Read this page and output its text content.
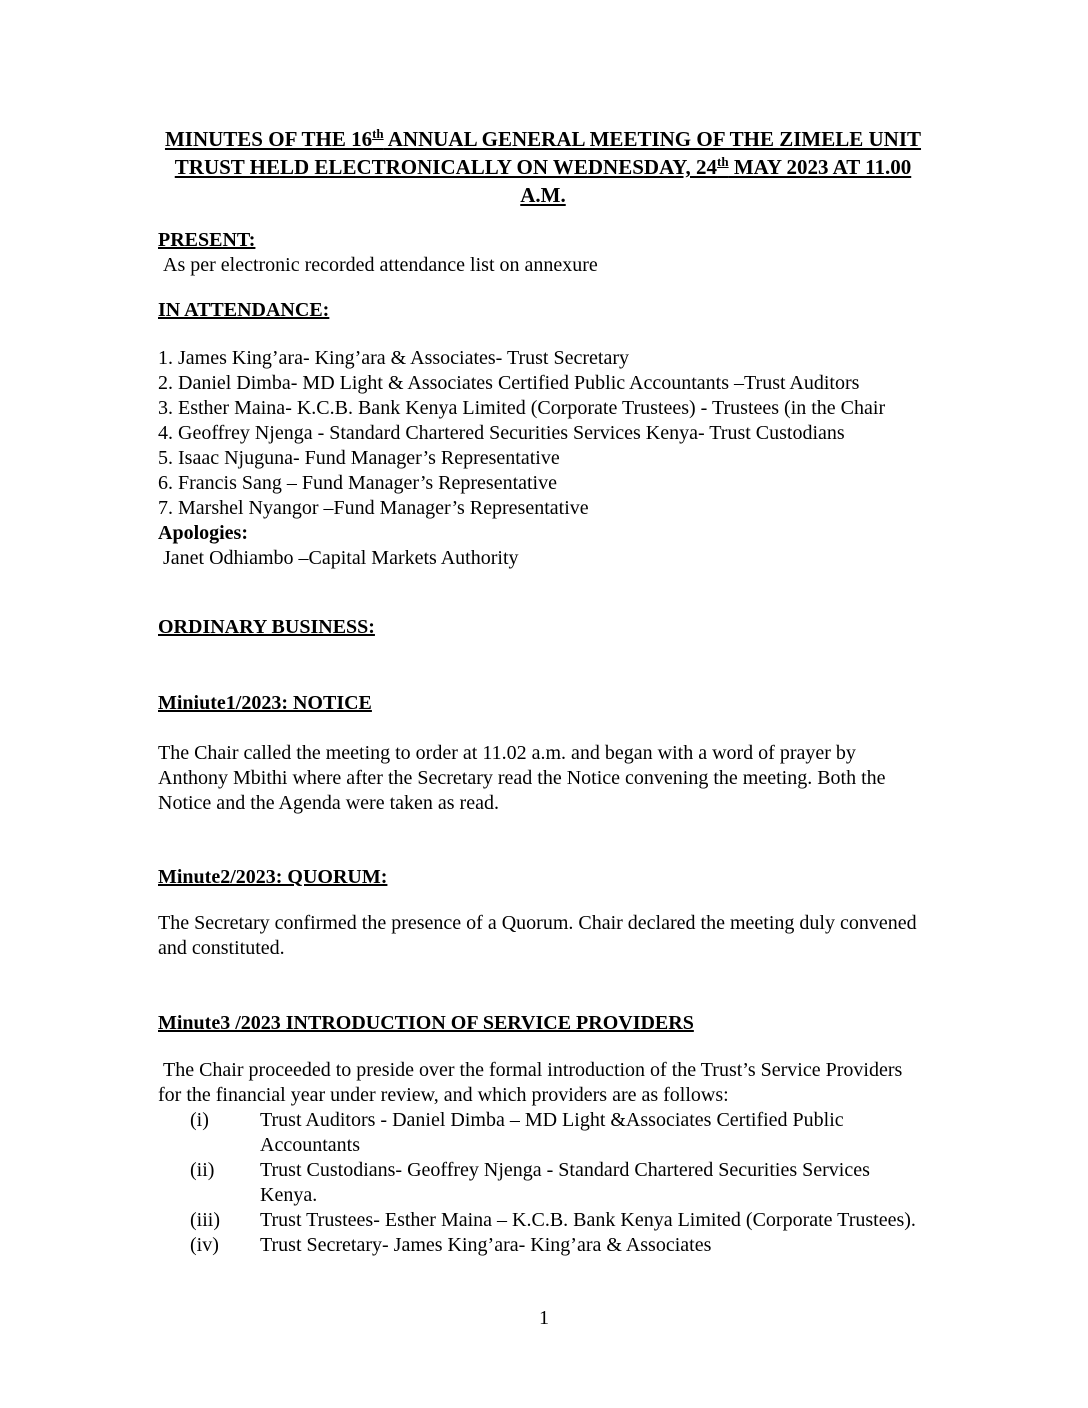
MINUTES OF THE 16th ANNUAL GENERAL MEETING OF THE ZIMELE UNIT
TRUST HELD ELECTRONICALLY ON WEDNESDAY, 24th MAY 2023 AT 11.00 A.M.
PRESENT:
As per electronic recorded attendance list on annexure
IN ATTENDANCE:
1. James King’ara- King’ara & Associates- Trust Secretary
2. Daniel Dimba- MD Light & Associates Certified Public Accountants –Trust Auditors
3. Esther Maina- K.C.B. Bank Kenya Limited (Corporate Trustees) - Trustees (in the Chair
4. Geoffrey Njenga - Standard Chartered Securities Services Kenya- Trust Custodians
5. Isaac Njuguna- Fund Manager’s Representative
6. Francis Sang – Fund Manager’s Representative
7. Marshel Nyangor –Fund Manager’s Representative
Apologies:
Janet Odhiambo –Capital Markets Authority
ORDINARY BUSINESS:
Miniute1/2023: NOTICE

The Chair called the meeting to order at 11.02 a.m. and began with a word of prayer by Anthony Mbithi where after the Secretary read the Notice convening the meeting. Both the Notice and the Agenda were taken as read.

Minute2/2023: QUORUM:

The Secretary confirmed the presence of a Quorum. Chair declared the meeting duly convened and constituted.

Minute3 /2023 INTRODUCTION OF SERVICE PROVIDERS

The Chair proceeded to preside over the formal introduction of the Trust’s Service Providers for the financial year under review, and which providers are as follows:

(i)	Trust Auditors - Daniel Dimba – MD Light &Associates Certified Public Accountants
(ii) Trust Custodians- Geoffrey Njenga - Standard Chartered Securities Services Kenya.
(iii) Trust Trustees- Esther Maina – K.C.B. Bank Kenya Limited (Corporate Trustees).
(iv) Trust Secretary- James King’ara- King’ara & Associates
1
